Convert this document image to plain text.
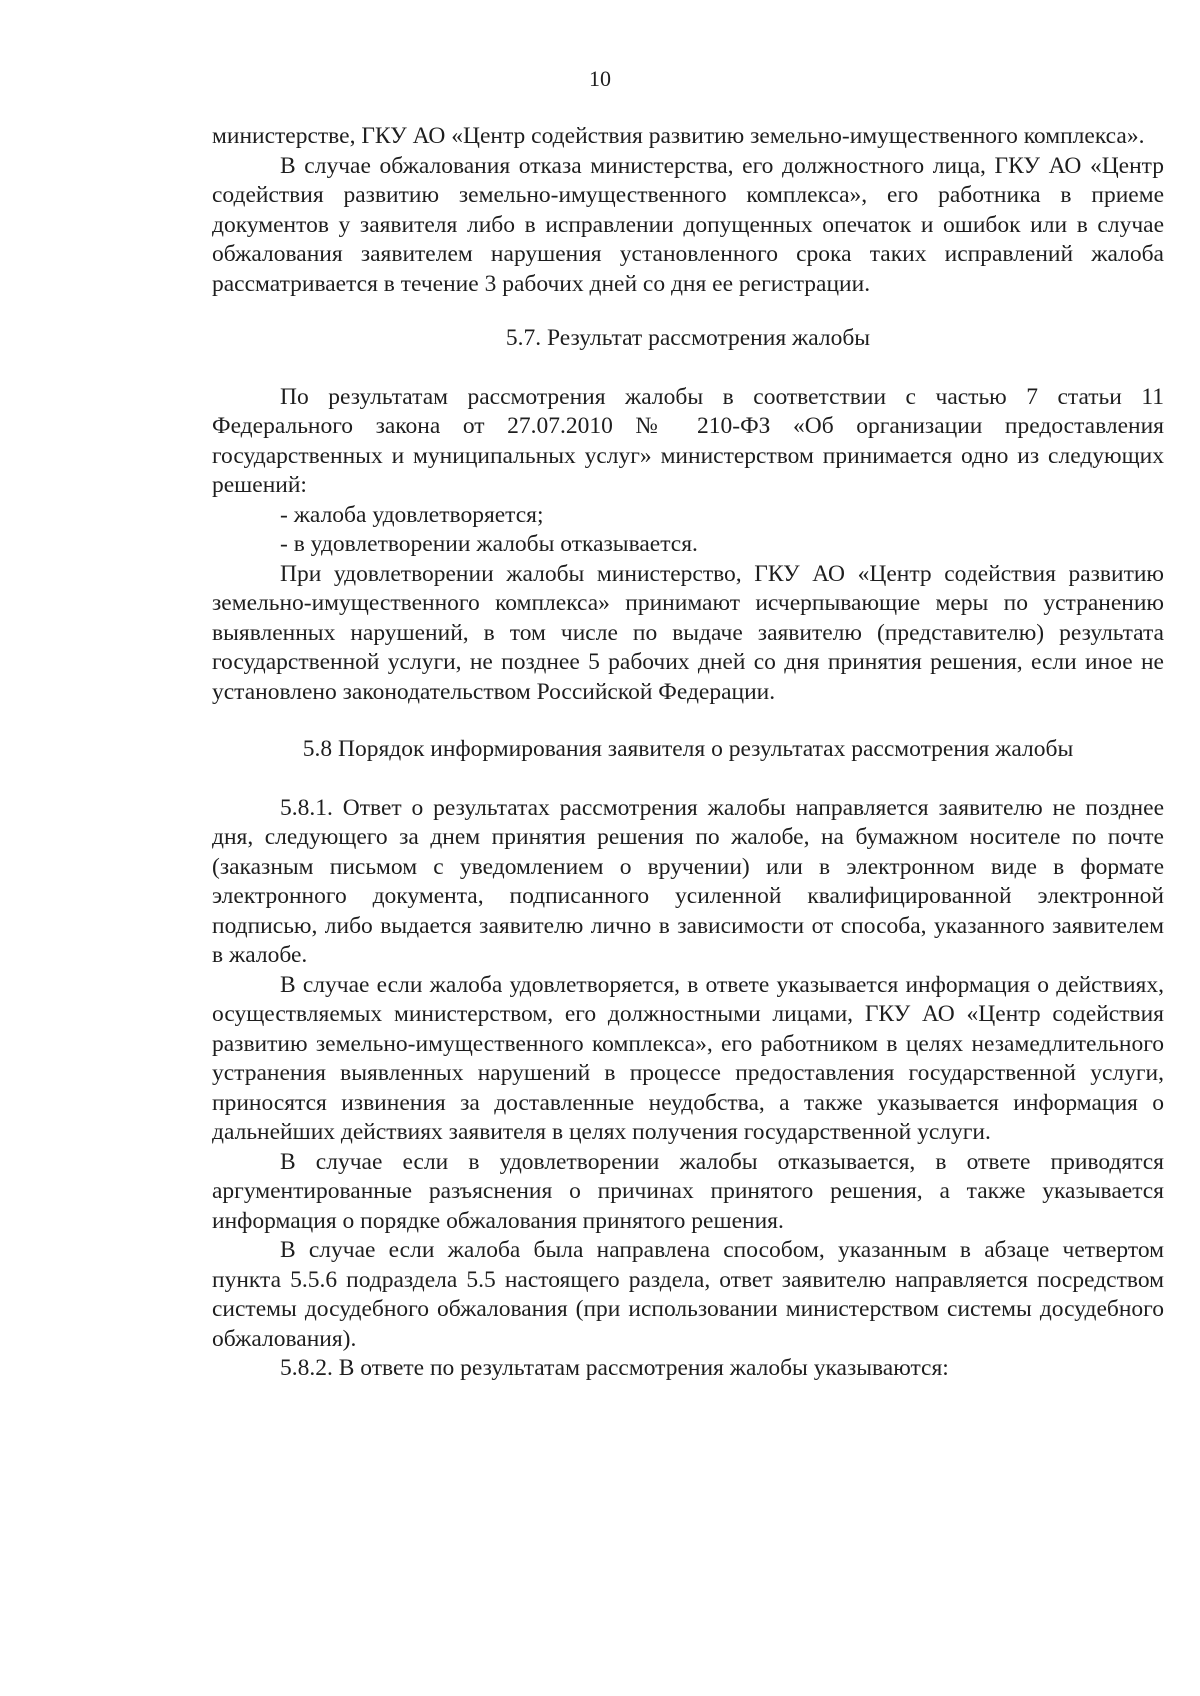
10

министерстве, ГКУ АО «Центр содействия развитию земельно-имущественного комплекса».

В случае обжалования отказа министерства, его должностного лица, ГКУ АО «Центр содействия развитию земельно-имущественного комплекса», его работника в приеме документов у заявителя либо в исправлении допущенных опечаток и ошибок или в случае обжалования заявителем нарушения установленного срока таких исправлений жалоба рассматривается в течение 3 рабочих дней со дня ее регистрации.

5.7. Результат рассмотрения жалобы

По результатам рассмотрения жалобы в соответствии с частью 7 статьи 11 Федерального закона от 27.07.2010 № 210-ФЗ «Об организации предоставления государственных и муниципальных услуг» министерством принимается одно из следующих решений:

- жалоба удовлетворяется;

- в удовлетворении жалобы отказывается.

При удовлетворении жалобы министерство, ГКУ АО «Центр содействия развитию земельно-имущественного комплекса» принимают исчерпывающие меры по устранению выявленных нарушений, в том числе по выдаче заявителю (представителю) результата государственной услуги, не позднее 5 рабочих дней со дня принятия решения, если иное не установлено законодательством Российской Федерации.

5.8 Порядок информирования заявителя о результатах рассмотрения жалобы

5.8.1. Ответ о результатах рассмотрения жалобы направляется заявителю не позднее дня, следующего за днем принятия решения по жалобе, на бумажном носителе по почте (заказным письмом с уведомлением о вручении) или в электронном виде в формате электронного документа, подписанного усиленной квалифицированной электронной подписью, либо выдается заявителю лично в зависимости от способа, указанного заявителем в жалобе.

В случае если жалоба удовлетворяется, в ответе указывается информация о действиях, осуществляемых министерством, его должностными лицами, ГКУ АО «Центр содействия развитию земельно-имущественного комплекса», его работником в целях незамедлительного устранения выявленных нарушений в процессе предоставления государственной услуги, приносятся извинения за доставленные неудобства, а также указывается информация о дальнейших действиях заявителя в целях получения государственной услуги.

В случае если в удовлетворении жалобы отказывается, в ответе приводятся аргументированные разъяснения о причинах принятого решения, а также указывается информация о порядке обжалования принятого решения.

В случае если жалоба была направлена способом, указанным в абзаце четвертом пункта 5.5.6 подраздела 5.5 настоящего раздела, ответ заявителю направляется посредством системы досудебного обжалования (при использовании министерством системы досудебного обжалования).

5.8.2. В ответе по результатам рассмотрения жалобы указываются:
